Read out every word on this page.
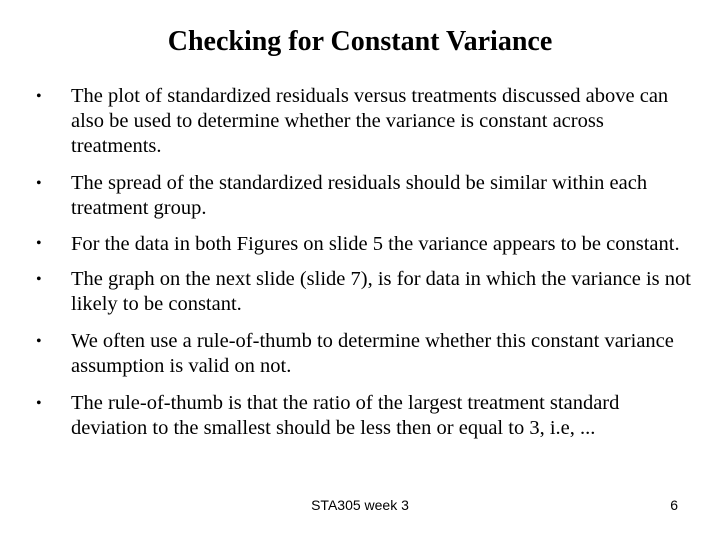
Checking for Constant Variance
•	The plot of standardized residuals versus treatments discussed above can also be used to determine whether the variance is constant across treatments.
•	The spread of the standardized residuals should be similar within each treatment group.
•	For the data in both Figures on slide 5 the variance appears to be constant.
•	The graph on the next slide (slide 7), is for data in which the variance is not likely to be constant.
•	We often use a rule-of-thumb to determine whether this constant variance assumption is valid on not.
•	The rule-of-thumb is that the ratio of the largest treatment standard deviation to the smallest should be less then or equal to 3, i.e, ...
STA305 week 3	6
